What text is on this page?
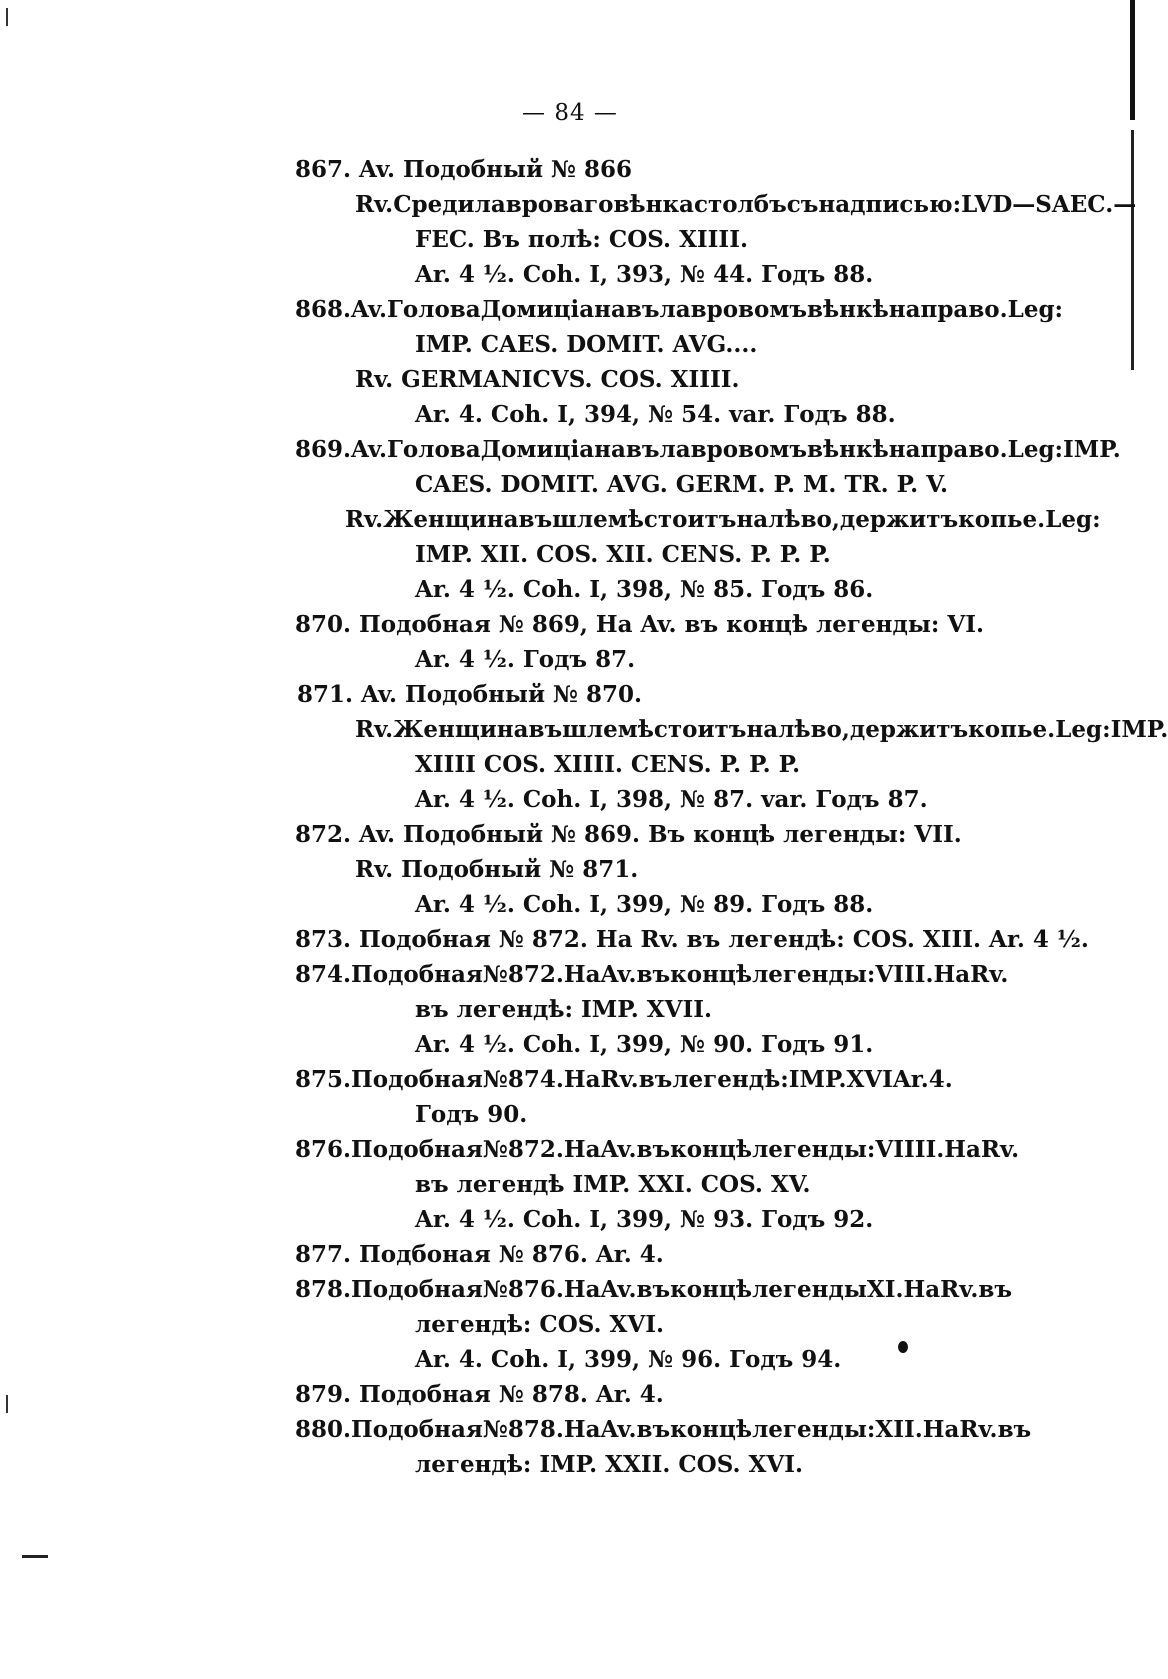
— 84 —
867. Av. Подобный № 866
Rv. Среди лавроваго вѣнка столбъ съ надписью: LVD—SAEC.—
FEC. Въ полѣ: COS. XIIII.
Ar. 4 ½. Coh. I, 393, № 44. Годъ 88.
868. Av. Голова Домиціана въ лавровомъ вѣнкѣ направо. Leg:
IMP. CAES. DOMIT. AVG....
Rv. GERMANICVS. COS. XIIII.
Ar. 4. Coh. I, 394, № 54. var. Годъ 88.
869. Av. Голова Домиціана въ лавровомъ вѣнкѣ направо. Leg: IMP.
CAES. DOMIT. AVG. GERM. P. M. TR. P. V.
Rv. Женщина въ шлемѣ стоитъ налѣво, держитъ копье. Leg:
IMP. XII. COS. XII. CENS. P. P. P.
Ar. 4 ½. Coh. I, 398, № 85. Годъ 86.
870. Подобная № 869, На Av. въ концѣ легенды: VI.
Ar. 4 ½. Годъ 87.
871. Av. Подобный № 870.
Rv. Женщина въ шлемѣ стоитъ налѣво, держитъ копье. Leg: IMP.
XIIII COS. XIIII. CENS. P. P. P.
Ar. 4 ½. Coh. I, 398, № 87. var. Годъ 87.
872. Av. Подобный № 869. Въ концѣ легенды: VII.
Rv. Подобный № 871.
Ar. 4 ½. Coh. I, 399, № 89. Годъ 88.
873. Подобная № 872. На Rv. въ легендѣ: COS. XIII. Ar. 4 ½.
874. Подобная № 872. На Av. въ концѣ легенды: VIII. На Rv.
въ легендѣ: IMP. XVII.
Ar. 4 ½. Coh. I, 399, № 90. Годъ 91.
875. Подобная № 874. На Rv. въ легендѣ: IMP. XVI Ar. 4.
Годъ 90.
876. Подобная № 872. На Av. въ концѣ легенды: VIIII. На Rv.
въ легендѣ IMP. XXI. COS. XV.
Ar. 4 ½. Coh. I, 399, № 93. Годъ 92.
877. Подбоная № 876. Ar. 4.
878. Подобная № 876. На Av. въ концѣ легенды XI. На Rv. въ
легендѣ: COS. XVI.
Ar. 4. Coh. I, 399, № 96. Годъ 94.
879. Подобная № 878. Ar. 4.
880. Подобная № 878. На Av. въ концѣ легенды: XII. На Rv. въ
легендѣ: IMP. XXII. COS. XVI.
